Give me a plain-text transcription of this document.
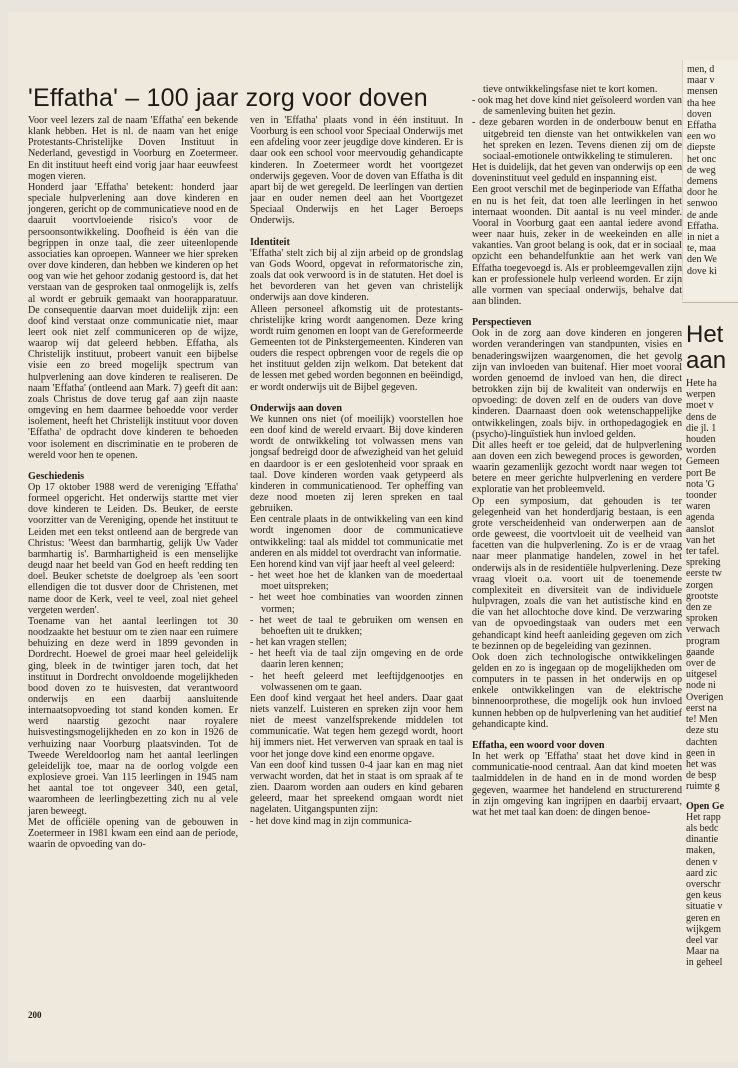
'Effatha' – 100 jaar zorg voor doven

Voor veel lezers zal de naam 'Effatha' een bekende klank hebben. Het is nl. de naam van het enige Protestants-Christelijke Doven Instituut in Nederland, gevestigd in Voorburg en Zoetermeer. En dit instituut heeft eind vorig jaar haar eeuwfeest mogen vieren.

Honderd jaar 'Effatha' betekent: honderd jaar speciale hulpverlening aan dove kinderen en jongeren, gericht op de communicatieve nood en de daaruit voortvloeiende risico's voor de persoonsontwikkeling. Doofheid is één van die begrippen in onze taal, die zeer uiteenlopende associaties kan oproepen. Wanneer we hier spreken over dove kinderen, dan hebben we kinderen op het oog van wie het gehoor zodanig gestoord is, dat het verstaan van de gesproken taal onmogelijk is, zelfs al wordt er gebruik gemaakt van hoorapparatuur. De consequentie daarvan moet duidelijk zijn: een doof kind verstaat onze communicatie niet, maar leert ook niet zelf communiceren op de wijze, waarop wij dat geleerd hebben. Effatha, als Christelijk instituut, probeert vanuit een bijbelse visie een zo breed mogelijk spectrum van hulpverlening aan dove kinderen te realiseren. De naam 'Effatha' (ontleend aan Mark. 7) geeft dit aan: zoals Christus de dove terug gaf aan zijn naaste omgeving en hem daarmee behoedde voor verder isolement, heeft het Christelijk instituut voor doven 'Effatha' de opdracht dove kinderen te behoeden voor isolement en discriminatie en te proberen de wereld voor hen te openen.

Geschiedenis

Op 17 oktober 1988 werd de vereniging 'Effatha' formeel opgericht. Het onderwijs startte met vier dove kinderen te Leiden. Ds. Beuker, de eerste voorzitter van de Vereniging, opende het instituut te Leiden met een tekst ontleend aan de bergrede van Christus: 'Weest dan barmhartig, gelijk Uw Vader barmhartig is'. Barmhartigheid is een menselijke deugd naar het beeld van God en heeft redding ten doel. Beuker schetste de doelgroep als 'een soort ellendigen die tot dusver door de Christenen, met name door de Kerk, veel te veel, zoal niet geheel vergeten werden'.

Toename van het aantal leerlingen tot 30 noodzaakte het bestuur om te zien naar een ruimere behuizing en deze werd in 1899 gevonden in Dordrecht. Hoewel de groei maar heel geleidelijk ging, bleek in de twintiger jaren toch, dat het instituut in Dordrecht onvoldoende mogelijkheden bood doven zo te huisvesten, dat verantwoord onderwijs en een daarbij aansluitende internaatsopvoeding tot stand konden komen. Er werd naarstig gezocht naar royalere huisvestingsmogelijkheden en zo kon in 1926 de verhuizing naar Voorburg plaatsvinden. Tot de Tweede Wereldoorlog nam het aantal leerlingen geleidelijk toe, maar na de oorlog volgde een explosieve groei. Van 115 leerlingen in 1945 nam het aantal toe tot ongeveer 340, een getal, waaromheen de leerlingbezetting zich nu al vele jaren beweegt.

Met de officiële opening van de gebouwen in Zoetermeer in 1981 kwam een eind aan de periode, waarin de opvoeding van do-

ven in 'Effatha' plaats vond in één instituut. In Voorburg is een school voor Speciaal Onderwijs met een afdeling voor zeer jeugdige dove kinderen. Er is daar ook een school voor meervoudig gehandicapte kinderen. In Zoetermeer wordt het voortgezet onderwijs gegeven. Voor de doven van Effatha is dit apart bij de wet geregeld. De leerlingen van dertien jaar en ouder nemen deel aan het Voortgezet Speciaal Onderwijs en het Lager Beroeps Onderwijs.

Identiteit

'Effatha' stelt zich bij al zijn arbeid op de grondslag van Gods Woord, opgevat in reformatorische zin, zoals dat ook verwoord is in de statuten. Het doel is het bevorderen van het geven van christelijk onderwijs aan dove kinderen.

Alleen personeel afkomstig uit de protestants-christelijke kring wordt aangenomen. Deze kring wordt ruim genomen en loopt van de Gereformeerde Gemeenten tot de Pinkstergemeenten. Kinderen van ouders die respect opbrengen voor de regels die op het instituut gelden zijn welkom. Dat betekent dat de lessen met gebed worden begonnen en beëindigd, er wordt onderwijs uit de Bijbel gegeven.

Onderwijs aan doven

We kunnen ons niet (of moeilijk) voorstellen hoe een doof kind de wereld ervaart. Bij dove kinderen wordt de ontwikkeling tot volwassen mens van jongsaf bedreigd door de afwezigheid van het geluid en daardoor is er een geslotenheid voor spraak en taal. Dove kinderen worden vaak getypeerd als kinderen in communicatienood. Ter opheffing van deze nood moeten zij leren spreken en taal gebruiken.

Een centrale plaats in de ontwikkeling van een kind wordt ingenomen door de communicatieve ontwikkeling: taal als middel tot communicatie met anderen en als middel tot overdracht van informatie.

Een horend kind van vijf jaar heeft al veel geleerd:

- het weet hoe het de klanken van de moedertaal moet uitspreken;
- het weet hoe combinaties van woorden zinnen vormen;
- het weet de taal te gebruiken om wensen en behoeften uit te drukken;
- het kan vragen stellen;
- het heeft via de taal zijn omgeving en de orde daarin leren kennen;
- het heeft geleerd met leeftijdgenootjes en volwassenen om te gaan.

Een doof kind vergaat het heel anders. Daar gaat niets vanzelf. Luisteren en spreken zijn voor hem niet de meest vanzelfsprekende middelen tot communicatie. Wat tegen hem gezegd wordt, hoort hij immers niet. Het verwerven van spraak en taal is voor het jonge dove kind een enorme opgave.

Van een doof kind tussen 0-4 jaar kan en mag niet verwacht worden, dat het in staat is om spraak af te zien. Daarom worden aan ouders en kind gebaren geleerd, maar het spreekend omgaan wordt niet nagelaten. Uitgangspunten zijn:

- het dove kind mag in zijn communica-
tieve ontwikkelingsfase niet te kort komen.
- ook mag het dove kind niet geïsoleerd worden van de samenleving buiten het gezin.
- deze gebaren worden in de onderbouw benut en uitgebreid ten dienste van het ontwikkelen van het spreken en lezen. Tevens dienen zij om de sociaal-emotionele ontwikkeling te stimuleren.

Het is duidelijk, dat het geven van onderwijs op een doveninstituut veel geduld en inspanning eist.

Een groot verschil met de beginperiode van Effatha en nu is het feit, dat toen alle leerlingen in het internaat woonden. Dit aantal is nu veel minder. Vooral in Voorburg gaat een aantal iedere avond weer naar huis, zeker in de weekeinden en alle vakanties. Van groot belang is ook, dat er in sociaal opzicht een behandelfunktie aan het werk van Effatha toegevoegd is. Als er probleemgevallen zijn kan er professionele hulp verleend worden. Er zijn alle vormen van speciaal onderwijs, behalve dat aan blinden.

Perspectieven

Ook in de zorg aan dove kinderen en jongeren worden veranderingen van standpunten, visies en benaderingswijzen waargenomen, die het gevolg zijn van invloeden van buitenaf. Hier moet vooral worden genoemd de invloed van hen, die direct betrokken zijn bij de kwaliteit van onderwijs en opvoeding: de doven zelf en de ouders van dove kinderen. Daarnaast doen ook wetenschappelijke ontwikkelingen, zoals bijv. in orthopedagogiek en (psycho)-linguïstiek hun invloed gelden.

Dit alles heeft er toe geleid, dat de hulpverlening aan doven een zich bewegend proces is geworden, waarin gezamenlijk gezocht wordt naar wegen tot betere en meer gerichte hulpverlening en verdere exploratie van het probleemveld.

Op een symposium, dat gehouden is ter gelegenheid van het honderdjarig bestaan, is een grote verscheidenheid van onderwerpen aan de orde geweest, die voortvloeit uit de veelheid van facetten van die hulpverlening. Zo is er de vraag naar meer planmatige handelen, zowel in het onderwijs als in de residentiële hulpverlening. Deze vraag vloeit o.a. voort uit de toenemende complexiteit en diversiteit van de individuele hulpvragen, zoals die van het autistische kind en die van het allochtoche dove kind. De verzwaring van de opvoedingstaak van ouders met een gehandicapt kind heeft aanleiding gegeven om zich te bezinnen op de begeleiding van gezinnen.

Ook doen zich technologische ontwikkelingen gelden en zo is ingegaan op de mogelijkheden om computers in te passen in het onderwijs en op enkele ontwikkelingen van de elektrische binnenoorprothese, die mogelijk ook hun invloed kunnen hebben op de hulpverlening van het auditief gehandicapte kind.

Effatha, een woord voor doven

In het werk op 'Effatha' staat het dove kind in communicatie-nood centraal. Aan dat kind moeten taalmiddelen in de hand en in de mond worden gegeven, waarmee het handelend en structurerend in zijn omgeving kan ingrijpen en daarbij ervaart, wat het met taal kan doen: de dingen benoe-

200
men, d
maar v
mensen
tha hee
doven
Effatha
een wo
diepste
het onc
de weg
demens
door he
senwoo
de ande
Effatha.
in niet a
te, maa
den We
dove ki
Het
aan
Hete ha
werpen
moet v
dens de
die jl. 1
houden
worden
Gemeen
port Be
nota 'G
toonder
waren
agenda
aanslot
van het
ter tafel.
spreking
eerste tw
zorgen
grootste
den ze
sproken
verwach
program
gaande
over de
uitgesel
node ni
Overigen
eerst na
te! Men
deze stu
dachten
geen in
het was
de besp
ruimte g
Open Ge
Het rapp
als bedc
dinantie
maken,
denen v
aard zic
overschr
gen keus
situatie v
geren en
wijkgem
deel var
Maar na
in geheel
